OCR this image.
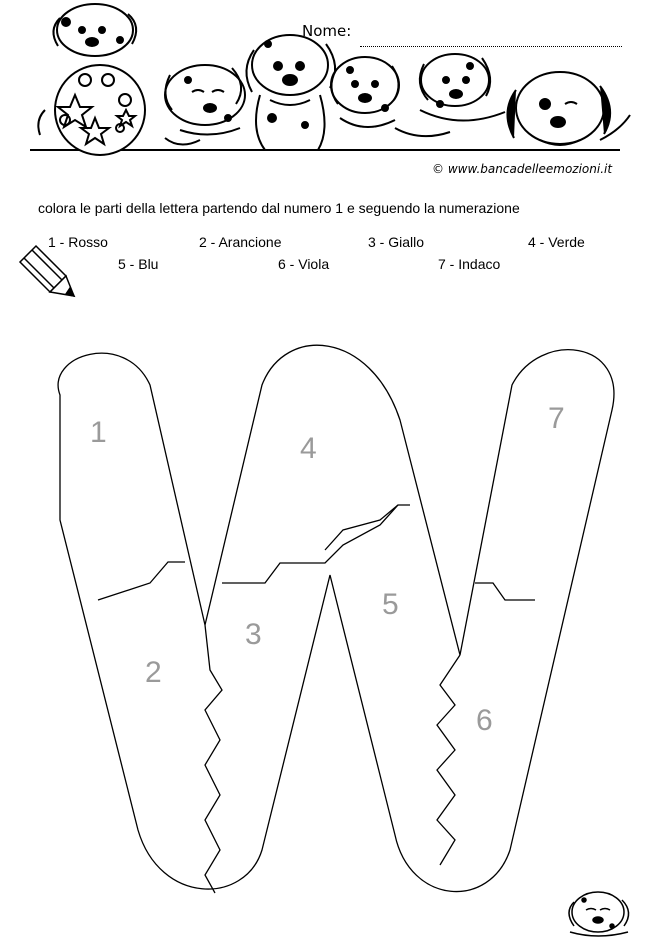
Nome:
© www.bancadelleemozioni.it
colora le parti della lettera partendo dal numero 1 e seguendo la numerazione
1 - Rosso	2 - Arancione	3 - Giallo	4 - Verde
5 - Blu	6 - Viola	7 - Indaco
1
2
3
4
5
6
7
